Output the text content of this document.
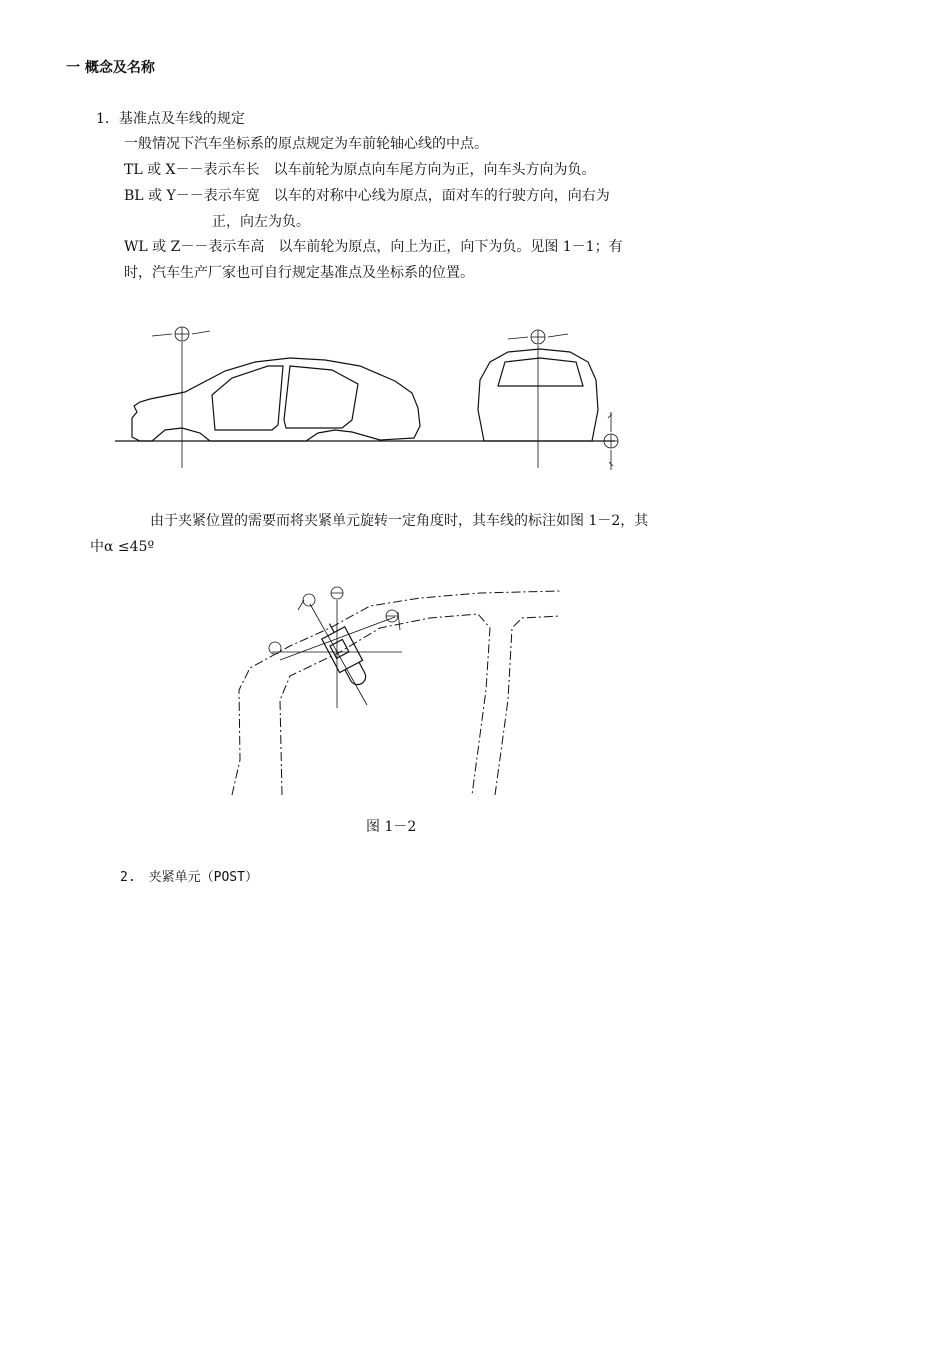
一 概念及名称
1．基准点及车线的规定
一般情况下汽车坐标系的原点规定为车前轮轴心线的中点。
TL 或 X－－表示车长　以车前轮为原点向车尾方向为正，向车头方向为负。
BL 或 Y－－表示车宽　以车的对称中心线为原点，面对车的行驶方向，向右为
正，向左为负。
WL 或 Z－－表示车高　以车前轮为原点，向上为正，向下为负。见图 1－1；有
时，汽车生产厂家也可自行规定基准点及坐标系的位置。
由于夹紧位置的需要而将夹紧单元旋转一定角度时，其车线的标注如图 1－2，其
中α ≤45º
图 1－2
2.　夹紧单元（POST）
